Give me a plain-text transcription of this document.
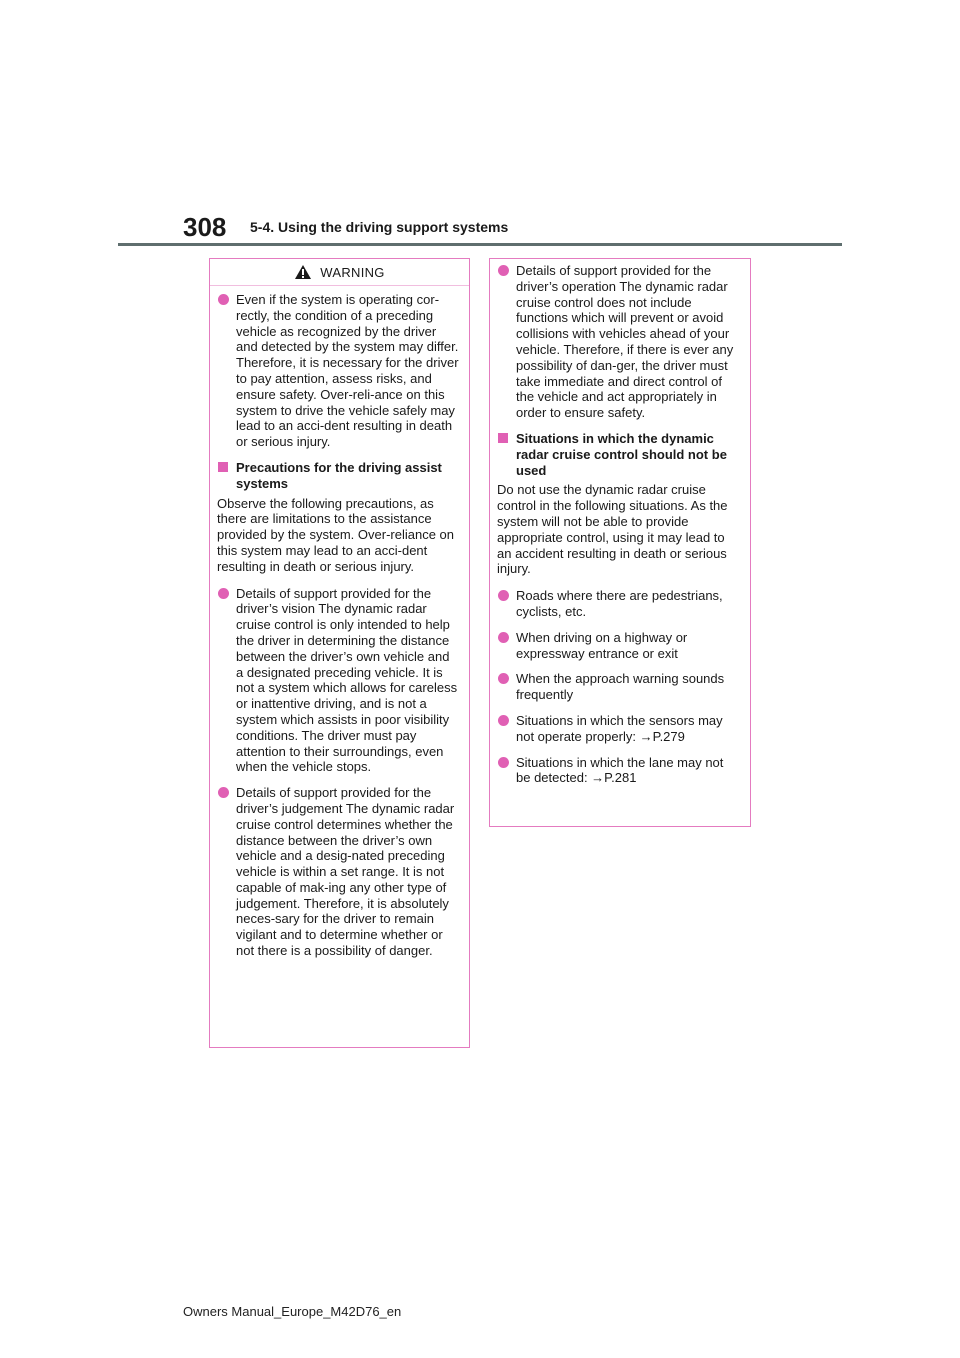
308 5-4. Using the driving support systems
WARNING
Even if the system is operating cor-rectly, the condition of a preceding vehicle as recognized by the driver and detected by the system may differ. Therefore, it is necessary for the driver to pay attention, assess risks, and ensure safety. Over-reli-ance on this system to drive the vehicle safely may lead to an acci-dent resulting in death or serious injury.
Precautions for the driving assist systems
Observe the following precautions, as there are limitations to the assistance provided by the system. Over-reliance on this system may lead to an acci-dent resulting in death or serious injury.
Details of support provided for the driver’s vision The dynamic radar cruise control is only intended to help the driver in determining the distance between the driver’s own vehicle and a designated preceding vehicle. It is not a system which allows for careless or inattentive driving, and is not a system which assists in poor visibility conditions. The driver must pay attention to their surroundings, even when the vehicle stops.
Details of support provided for the driver’s judgement The dynamic radar cruise control determines whether the distance between the driver’s own vehicle and a desig-nated preceding vehicle is within a set range. It is not capable of mak-ing any other type of judgement. Therefore, it is absolutely neces-sary for the driver to remain vigilant and to determine whether or not there is a possibility of danger.
Details of support provided for the driver’s operation The dynamic radar cruise control does not include functions which will prevent or avoid collisions with vehicles ahead of your vehicle. Therefore, if there is ever any possibility of dan-ger, the driver must take immediate and direct control of the vehicle and act appropriately in order to ensure safety.
Situations in which the dynamic radar cruise control should not be used
Do not use the dynamic radar cruise control in the following situations. As the system will not be able to provide appropriate control, using it may lead to an accident resulting in death or serious injury.
Roads where there are pedestrians, cyclists, etc.
When driving on a highway or expressway entrance or exit
When the approach warning sounds frequently
Situations in which the sensors may not operate properly: →P.279
Situations in which the lane may not be detected: →P.281
Owners Manual_Europe_M42D76_en
